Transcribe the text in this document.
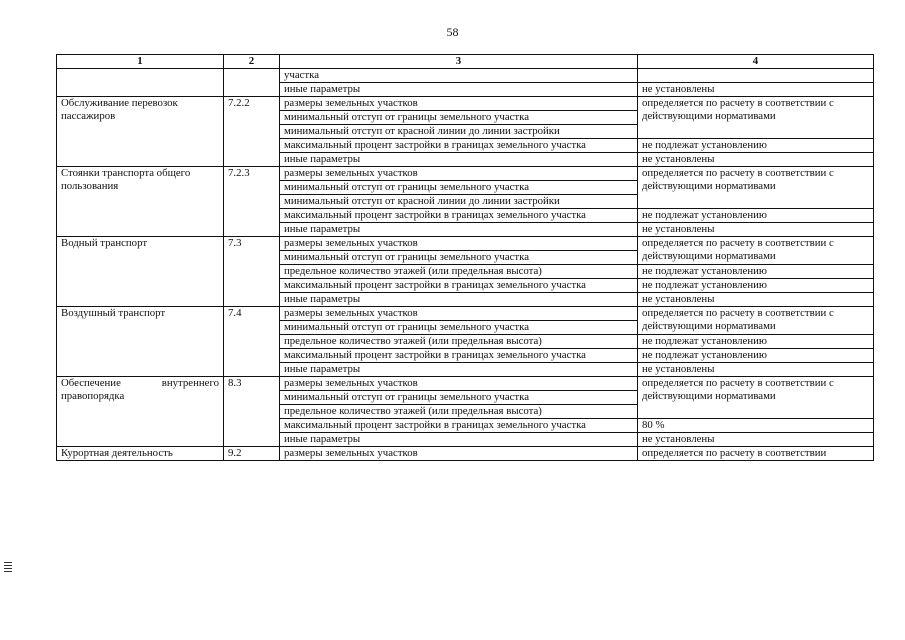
58
1	2	3	4
		участка	
		иные параметры	не установлены
Обслуживание перевозок пассажиров	7.2.2	размеры земельных участков	определяется по расчету в соответствии с действующими нормативами
		минимальный отступ от границы земельного участка	
		минимальный отступ от красной линии до линии застройки	
		максимальный процент застройки в границах земельного участка	не подлежат установлению
		иные параметры	не установлены
Стоянки транспорта общего пользования	7.2.3	размеры земельных участков	определяется по расчету в соответствии с действующими нормативами
		минимальный отступ от границы земельного участка	
		минимальный отступ от красной линии до линии застройки	
		максимальный процент застройки в границах земельного участка	не подлежат установлению
		иные параметры	не установлены
Водный транспорт	7.3	размеры земельных участков	определяется по расчету в соответствии с действующими нормативами
		минимальный отступ от границы земельного участка	
		предельное количество этажей (или предельная высота)	не подлежат установлению
		максимальный процент застройки в границах земельного участка	не подлежат установлению
		иные параметры	не установлены
Воздушный транспорт	7.4	размеры земельных участков	определяется по расчету в соответствии с действующими нормативами
		минимальный отступ от границы земельного участка	
		предельное количество этажей (или предельная высота)	не подлежат установлению
		максимальный процент застройки в границах земельного участка	не подлежат установлению
		иные параметры	не установлены
Обеспечение внутреннего правопорядка	8.3	размеры земельных участков	определяется по расчету в соответствии с действующими нормативами
		минимальный отступ от границы земельного участка	
		предельное количество этажей (или предельная высота)	
		максимальный процент застройки в границах земельного участка	80 %
		иные параметры	не установлены
Курортная деятельность	9.2	размеры земельных участков	определяется по расчету в соответствии
